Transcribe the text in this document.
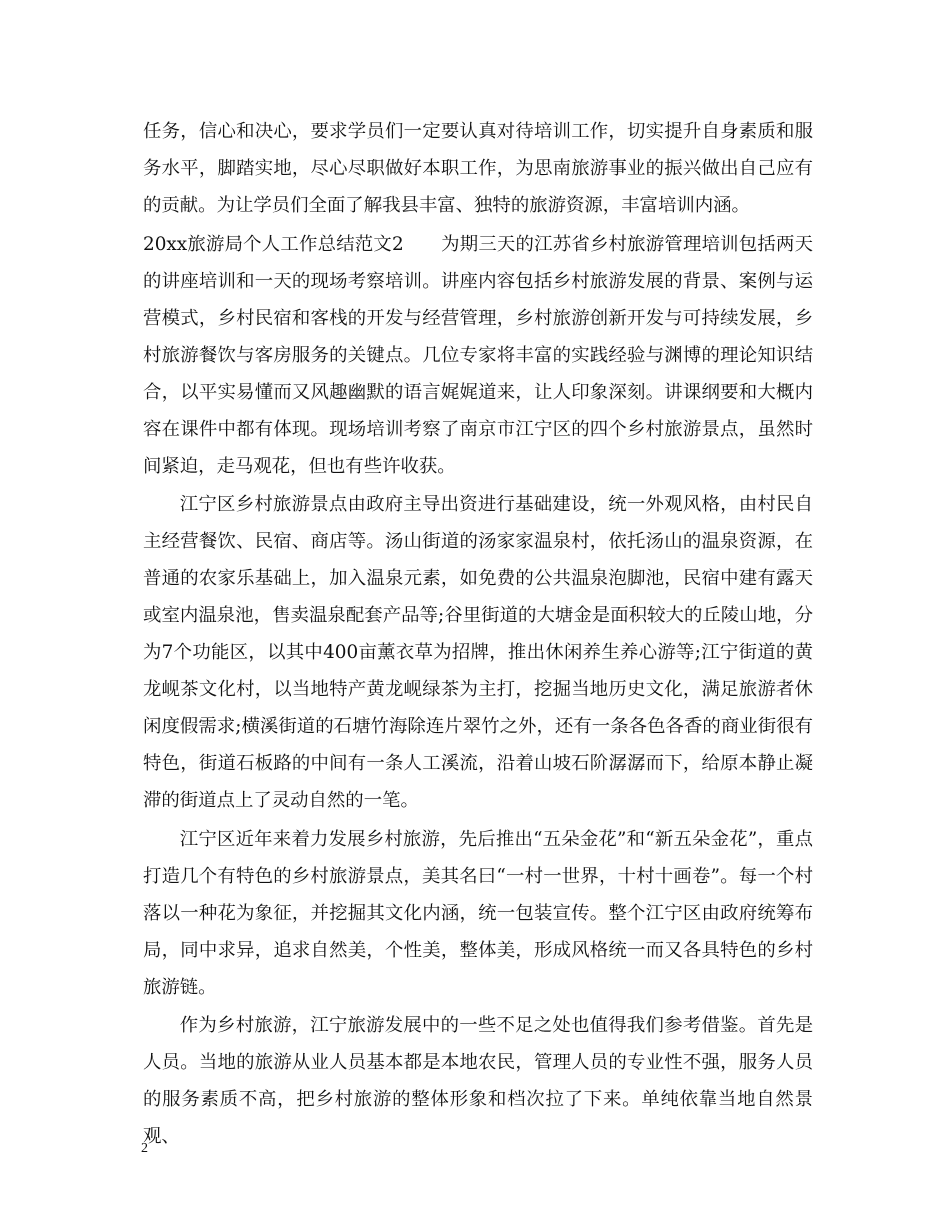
任务，信心和决心，要求学员们一定要认真对待培训工作，切实提升自身素质和服务水平，脚踏实地，尽心尽职做好本职工作，为思南旅游事业的振兴做出自己应有的贡献。为让学员们全面了解我县丰富、独特的旅游资源，丰富培训内涵。

20xx旅游局个人工作总结范文2　　为期三天的江苏省乡村旅游管理培训包括两天的讲座培训和一天的现场考察培训。讲座内容包括乡村旅游发展的背景、案例与运营模式，乡村民宿和客栈的开发与经营管理，乡村旅游创新开发与可持续发展，乡村旅游餐饮与客房服务的关键点。几位专家将丰富的实践经验与渊博的理论知识结合，以平实易懂而又风趣幽默的语言娓娓道来，让人印象深刻。讲课纲要和大概内容在课件中都有体现。现场培训考察了南京市江宁区的四个乡村旅游景点，虽然时间紧迫，走马观花，但也有些许收获。

江宁区乡村旅游景点由政府主导出资进行基础建设，统一外观风格，由村民自主经营餐饮、民宿、商店等。汤山街道的汤家家温泉村，依托汤山的温泉资源，在普通的农家乐基础上，加入温泉元素，如免费的公共温泉泡脚池，民宿中建有露天或室内温泉池，售卖温泉配套产品等;谷里街道的大塘金是面积较大的丘陵山地，分为7个功能区，以其中400亩薰衣草为招牌，推出休闲养生养心游等;江宁街道的黄龙岘茶文化村，以当地特产黄龙岘绿茶为主打，挖掘当地历史文化，满足旅游者休闲度假需求;横溪街道的石塘竹海除连片翠竹之外，还有一条各色各香的商业街很有特色，街道石板路的中间有一条人工溪流，沿着山坡石阶潺潺而下，给原本静止凝滞的街道点上了灵动自然的一笔。

江宁区近年来着力发展乡村旅游，先后推出“五朵金花”和“新五朵金花”，重点打造几个有特色的乡村旅游景点，美其名曰“一村一世界，十村十画卷”。每一个村落以一种花为象征，并挖掘其文化内涵，统一包装宣传。整个江宁区由政府统筹布局，同中求异，追求自然美，个性美，整体美，形成风格统一而又各具特色的乡村旅游链。

作为乡村旅游，江宁旅游发展中的一些不足之处也值得我们参考借鉴。首先是人员。当地的旅游从业人员基本都是本地农民，管理人员的专业性不强，服务人员的服务素质不高，把乡村旅游的整体形象和档次拉了下来。单纯依靠当地自然景观、

2
